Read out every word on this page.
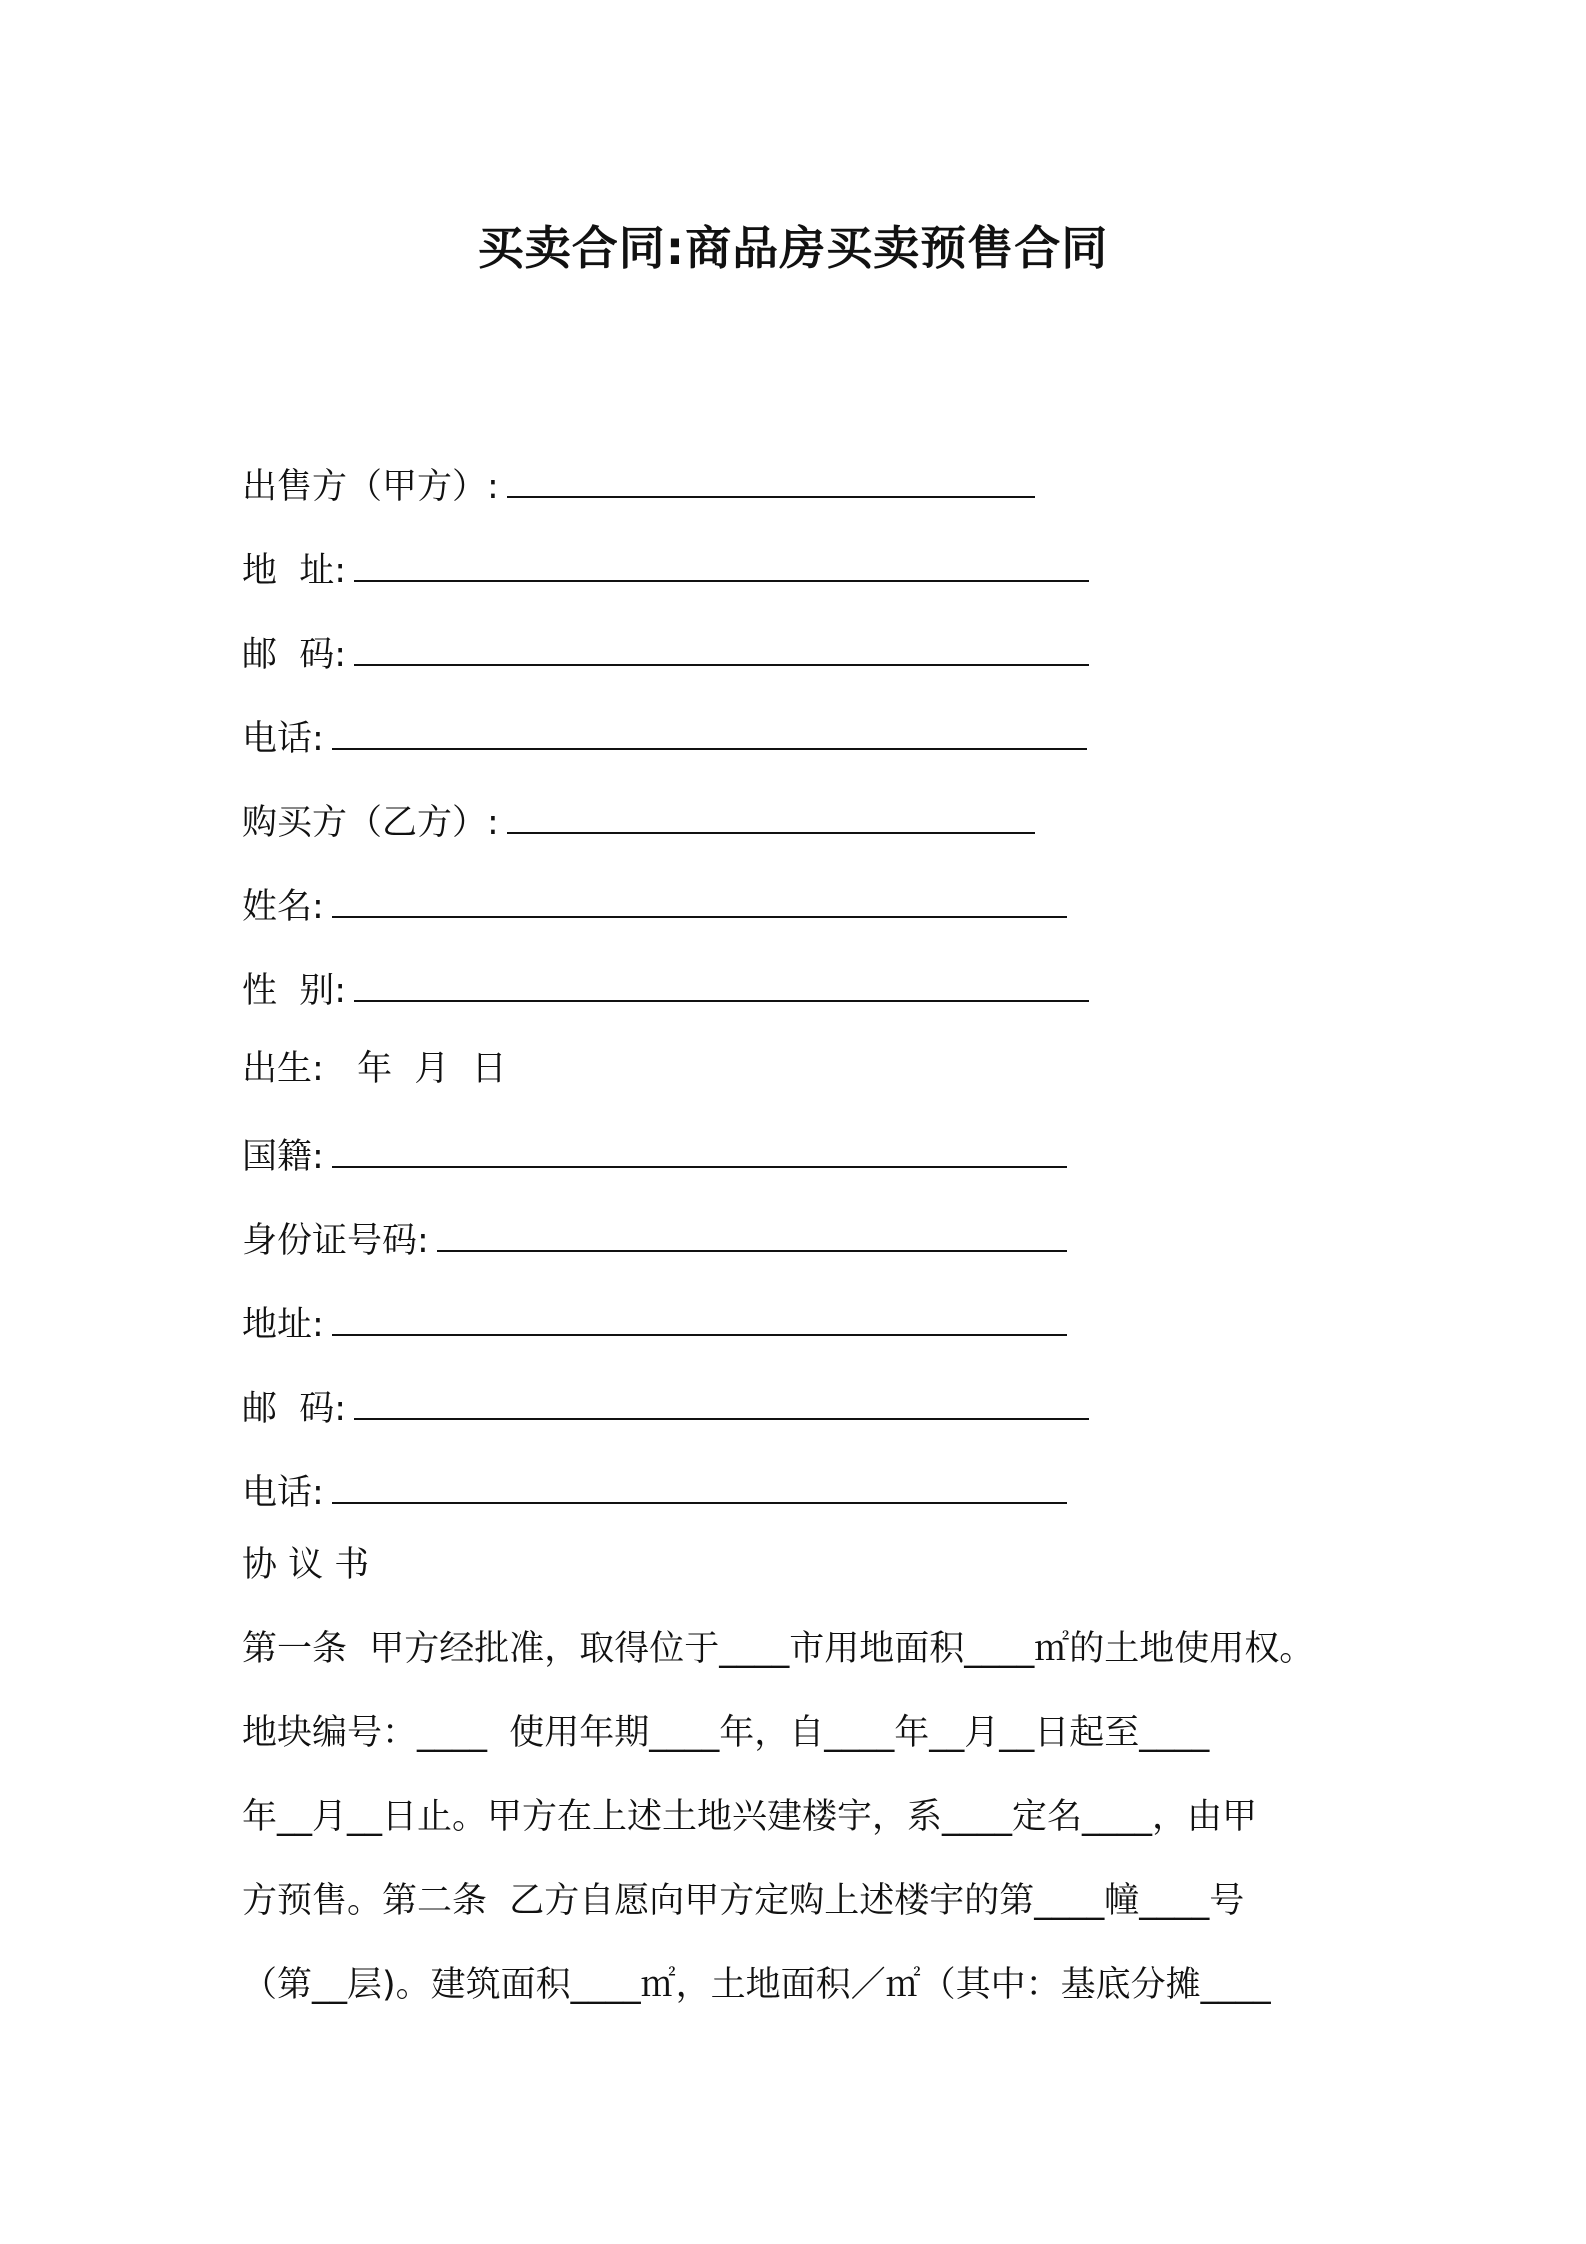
买卖合同:商品房买卖预售合同
出售方（甲方）:
地  址:
邮  码:
电话:
购买方（乙方）:
姓名:
性  别:
出生:   年  月  日
国籍:
身份证号码:
地址:
邮  码:
电话:
协 议 书
第一条  甲方经批准，取得位于____市用地面积____㎡的土地使用权。
地块编号：____  使用年期____年，自____年__月__日起至____
年__月__日止。甲方在上述土地兴建楼宇，系____定名____，由甲
方预售。第二条  乙方自愿向甲方定购上述楼宇的第____幢____号
（第__层)。建筑面积____㎡，土地面积／㎡（其中：基底分摊____
